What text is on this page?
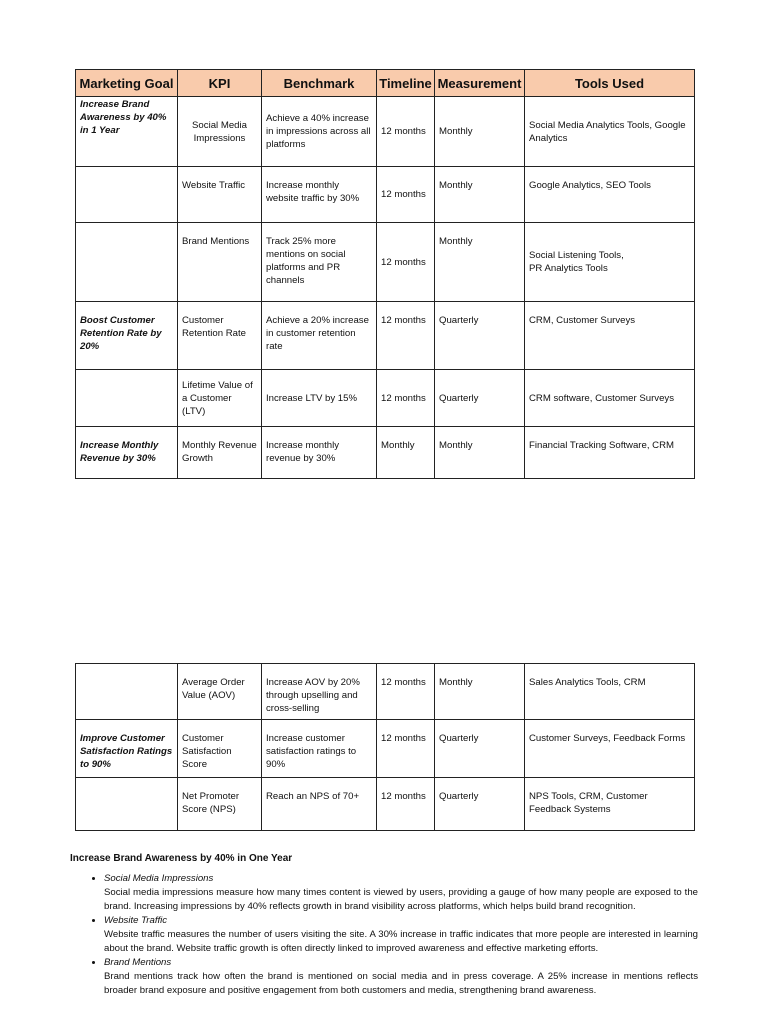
Marketing Goal	KPI	Benchmark	Timeline	Measurement	Tools Used
Increase Brand Awareness by 40% in 1 Year	Social Media Impressions	Achieve a 40% increase in impressions across all platforms	12 months	Monthly	Social Media Analytics Tools, Google Analytics
	Website Traffic	Increase monthly website traffic by 30%	12 months	Monthly	Google Analytics, SEO Tools
	Brand Mentions	Track 25% more mentions on social platforms and PR channels	12 months	Monthly	Social Listening Tools,
PR Analytics Tools
Boost Customer Retention Rate by 20%	Customer Retention Rate	Achieve a 20% increase in customer retention rate	12 months	Quarterly	CRM, Customer Surveys
	Lifetime Value of a Customer (LTV)	Increase LTV by 15%	12 months	Quarterly	CRM software, Customer Surveys
Increase Monthly Revenue by 30%	Monthly Revenue Growth	Increase monthly revenue by 30%	Monthly	Monthly	Financial Tracking Software, CRM
	Average Order Value (AOV)	Increase AOV by 20% through upselling and cross-selling	12 months	Monthly	Sales Analytics Tools, CRM
Improve Customer Satisfaction Ratings to 90%	Customer Satisfaction Score	Increase customer satisfaction ratings to 90%	12 months	Quarterly	Customer Surveys, Feedback Forms
	Net Promoter Score (NPS)	Reach an NPS of 70+	12 months	Quarterly	NPS Tools, CRM, Customer Feedback Systems
Increase Brand Awareness by 40% in One Year
• Social Media Impressions
Social media impressions measure how many times content is viewed by users, providing a gauge of how many people are exposed to the brand. Increasing impressions by 40% reflects growth in brand visibility across platforms, which helps build brand recognition.
• Website Traffic
Website traffic measures the number of users visiting the site. A 30% increase in traffic indicates that more people are interested in learning about the brand. Website traffic growth is often directly linked to improved awareness and effective marketing efforts.
• Brand Mentions
Brand mentions track how often the brand is mentioned on social media and in press coverage. A 25% increase in mentions reflects broader brand exposure and positive engagement from both customers and media, strengthening brand awareness.
